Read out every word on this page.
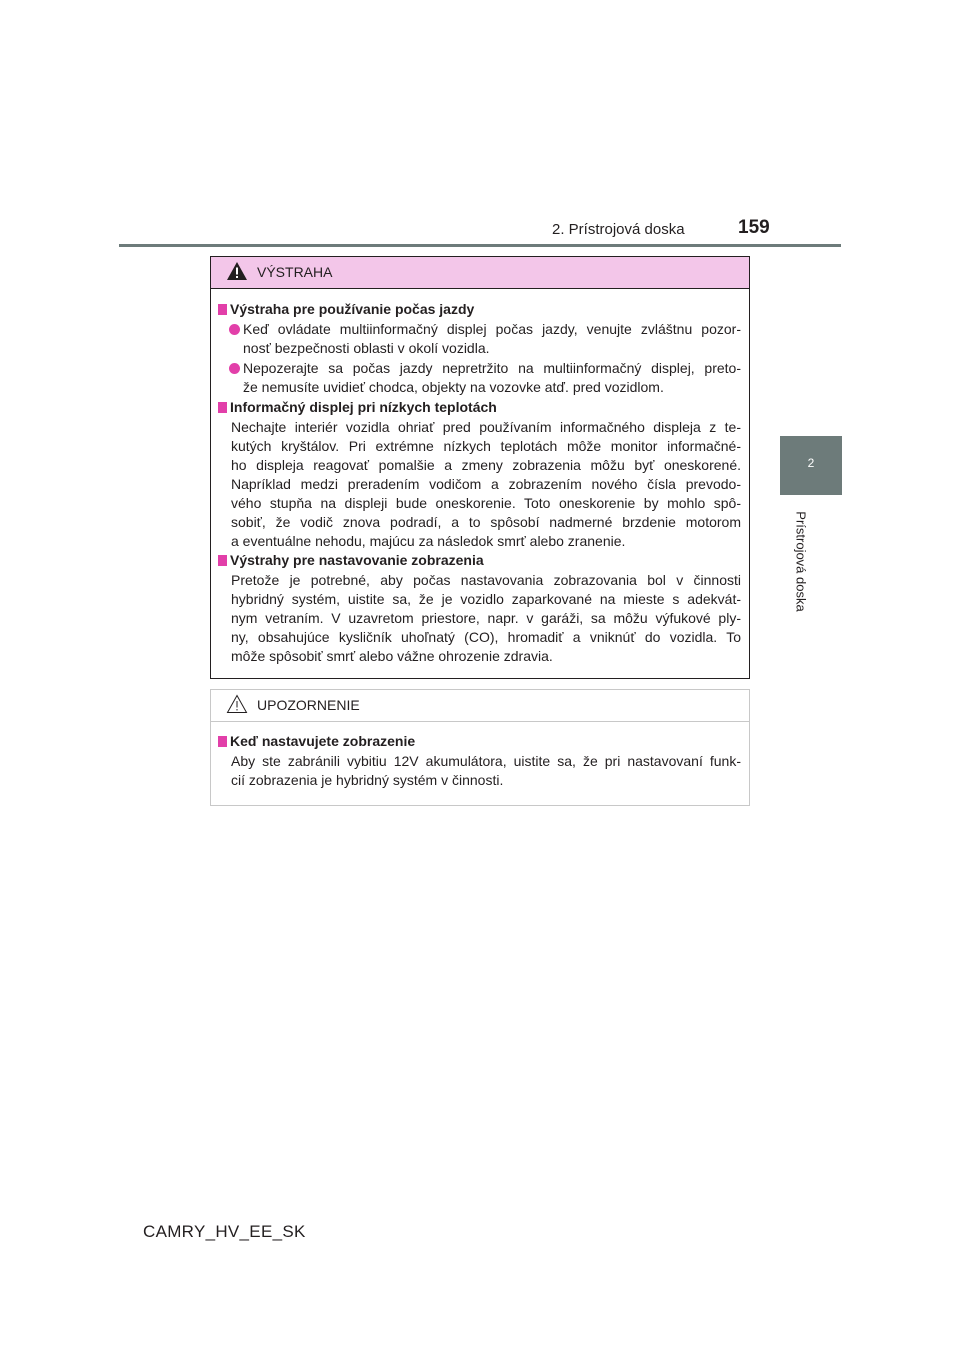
2. Prístrojová doska	159
2
Prístrojová doska
VÝSTRAHA

Výstraha pre používanie počas jazdy

Keď ovládate multiinformačný displej počas jazdy, venujte zvláštnu pozor-
nosť bezpečnosti oblasti v okolí vozidla.
Nepozerajte sa počas jazdy nepretržito na multiinformačný displej, preto-
že nemusíte uvidieť chodca, objekty na vozovke atď. pred vozidlom.

Informačný displej pri nízkych teplotách

Nechajte interiér vozidla ohriať pred používaním informačného displeja z te-
kutých kryštálov. Pri extrémne nízkych teplotách môže monitor informačné-
ho displeja reagovať pomalšie a zmeny zobrazenia môžu byť oneskorené.
Napríklad medzi preradením vodičom a zobrazením nového čísla prevodo-
vého stupňa na displeji bude oneskorenie. Toto oneskorenie by mohlo spô-
sobiť, že vodič znova podradí, a to spôsobí nadmerné brzdenie motorom
a eventuálne nehodu, majúcu za následok smrť alebo zranenie.

Výstrahy pre nastavovanie zobrazenia

Pretože je potrebné, aby počas nastavovania zobrazovania bol v činnosti
hybridný systém, uistite sa, že je vozidlo zaparkované na mieste s adekvát-
nym vetraním. V uzavretom priestore, napr. v garáži, sa môžu výfukové ply-
ny, obsahujúce kysličník uhoľnatý (CO), hromadiť a vniknúť do vozidla. To
môže spôsobiť smrť alebo vážne ohrozenie zdravia.
UPOZORNENIE

Keď nastavujete zobrazenie

Aby ste zabránili vybitiu 12V akumulátora, uistite sa, že pri nastavovaní funk-
cií zobrazenia je hybridný systém v činnosti.
CAMRY_HV_EE_SK
